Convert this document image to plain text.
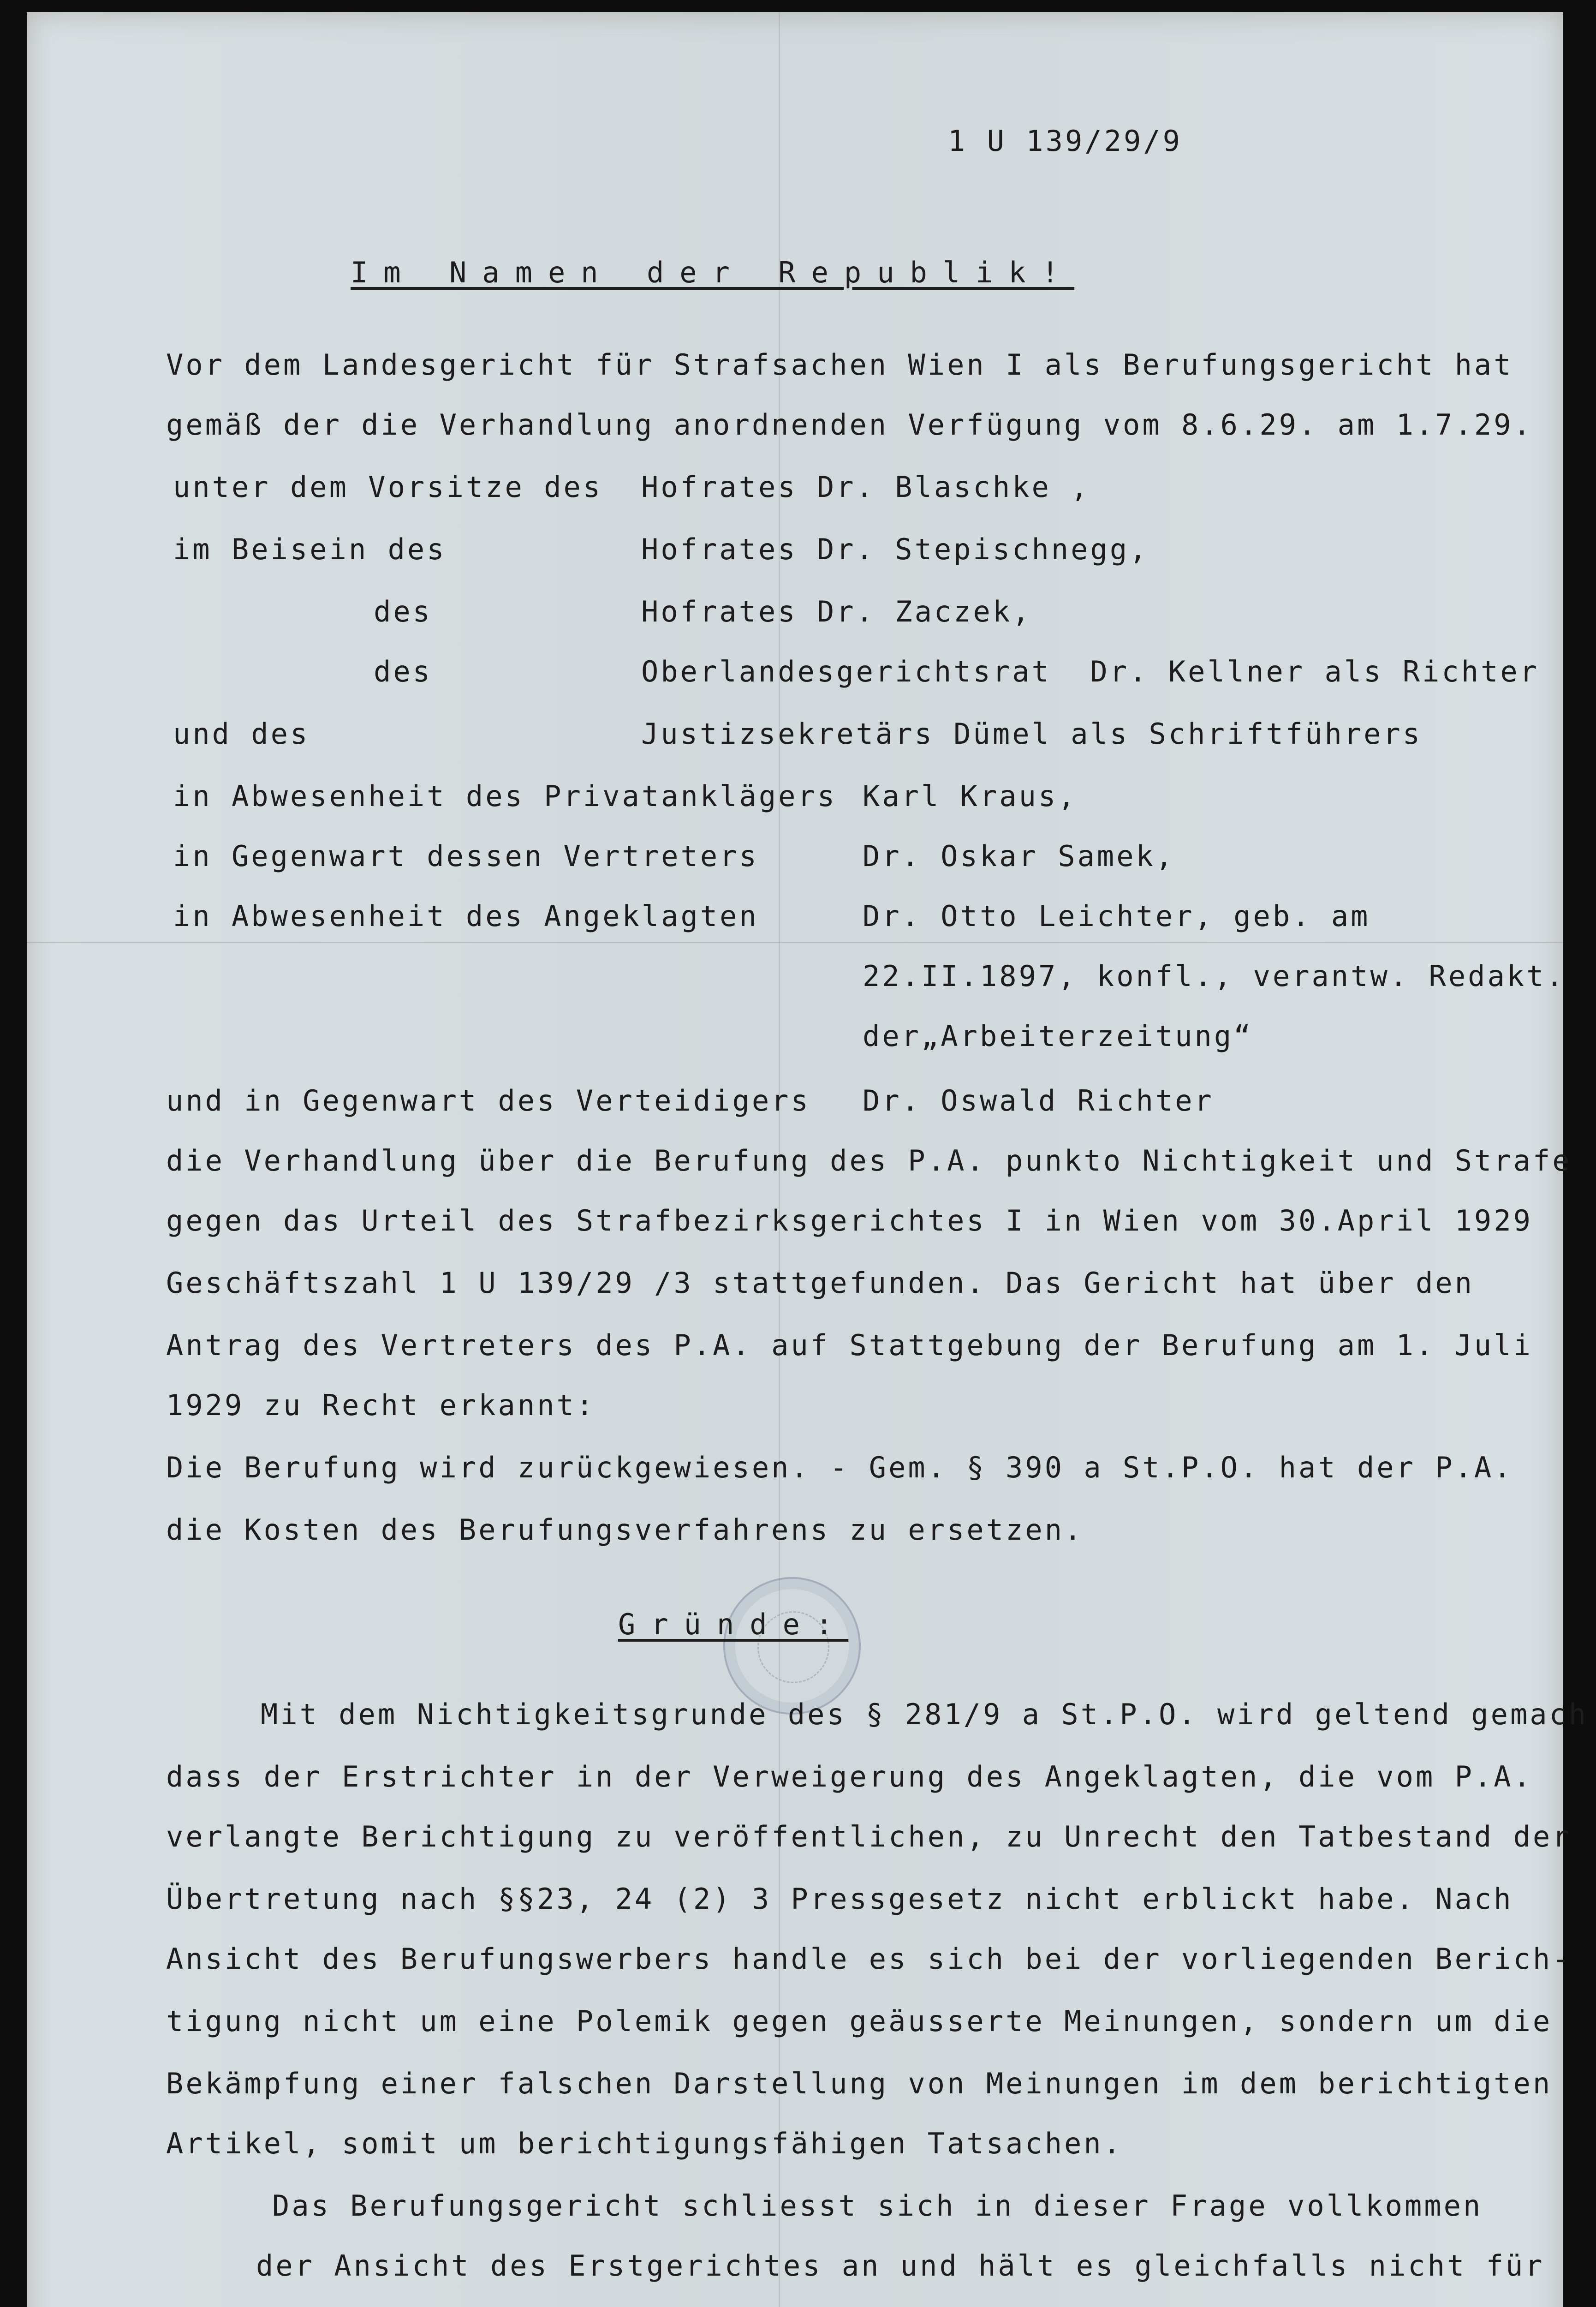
1 U 139/29/9
Im Namen der Republik!
Vor dem Landesgericht für Strafsachen Wien I als Berufungsgericht hat
gemäß der die Verhandlung anordnenden Verfügung vom 8.6.29. am 1.7.29.
unter dem Vorsitze des Hofrates Dr. Blaschke ,
im Beisein des	Hofrates Dr. Stepischnegg,
des	Hofrates Dr. Zaczek,
des	Oberlandesgerichtsrat  Dr. Kellner als Richter
und des	Justizsekretärs Dümel als Schriftführers
in Abwesenheit des Privatanklägers Karl Kraus,
in Gegenwart dessen Vertreters	Dr. Oskar Samek,
in Abwesenheit des Angeklagten	Dr. Otto Leichter, geb. am
22.II.1897, konfl., verantw. Redakt.
der„Arbeiterzeitung“
und in Gegenwart des Verteidigers Dr. Oswald Richter
die Verhandlung über die Berufung des P.A. punkto Nichtigkeit und Strafe
gegen das Urteil des Strafbezirksgerichtes I in Wien vom 30.April 1929
Geschäftszahl 1 U 139/29 /3 stattgefunden. Das Gericht hat über den
Antrag des Vertreters des P.A. auf Stattgebung der Berufung am 1. Juli
1929 zu Recht erkannt:
Die Berufung wird zurückgewiesen. - Gem. § 390 a St.P.O. hat der P.A.
die Kosten des Berufungsverfahrens zu ersetzen.
Gründe:
Mit dem Nichtigkeitsgrunde des § 281/9 a St.P.O. wird geltend gemach
dass der Erstrichter in der Verweigerung des Angeklagten, die vom P.A.
verlangte Berichtigung zu veröffentlichen, zu Unrecht den Tatbestand der
Übertretung nach §§23, 24 (2) 3 Pressgesetz nicht erblickt habe. Nach
Ansicht des Berufungswerbers handle es sich bei der vorliegenden Berich-
tigung nicht um eine Polemik gegen geäusserte Meinungen, sondern um die
Bekämpfung einer falschen Darstellung von Meinungen im dem berichtigten
Artikel, somit um berichtigungsfähigen Tatsachen.
Das Berufungsgericht schliesst sich in dieser Frage vollkommen
der Ansicht des Erstgerichtes an und hält es gleichfalls nicht für
